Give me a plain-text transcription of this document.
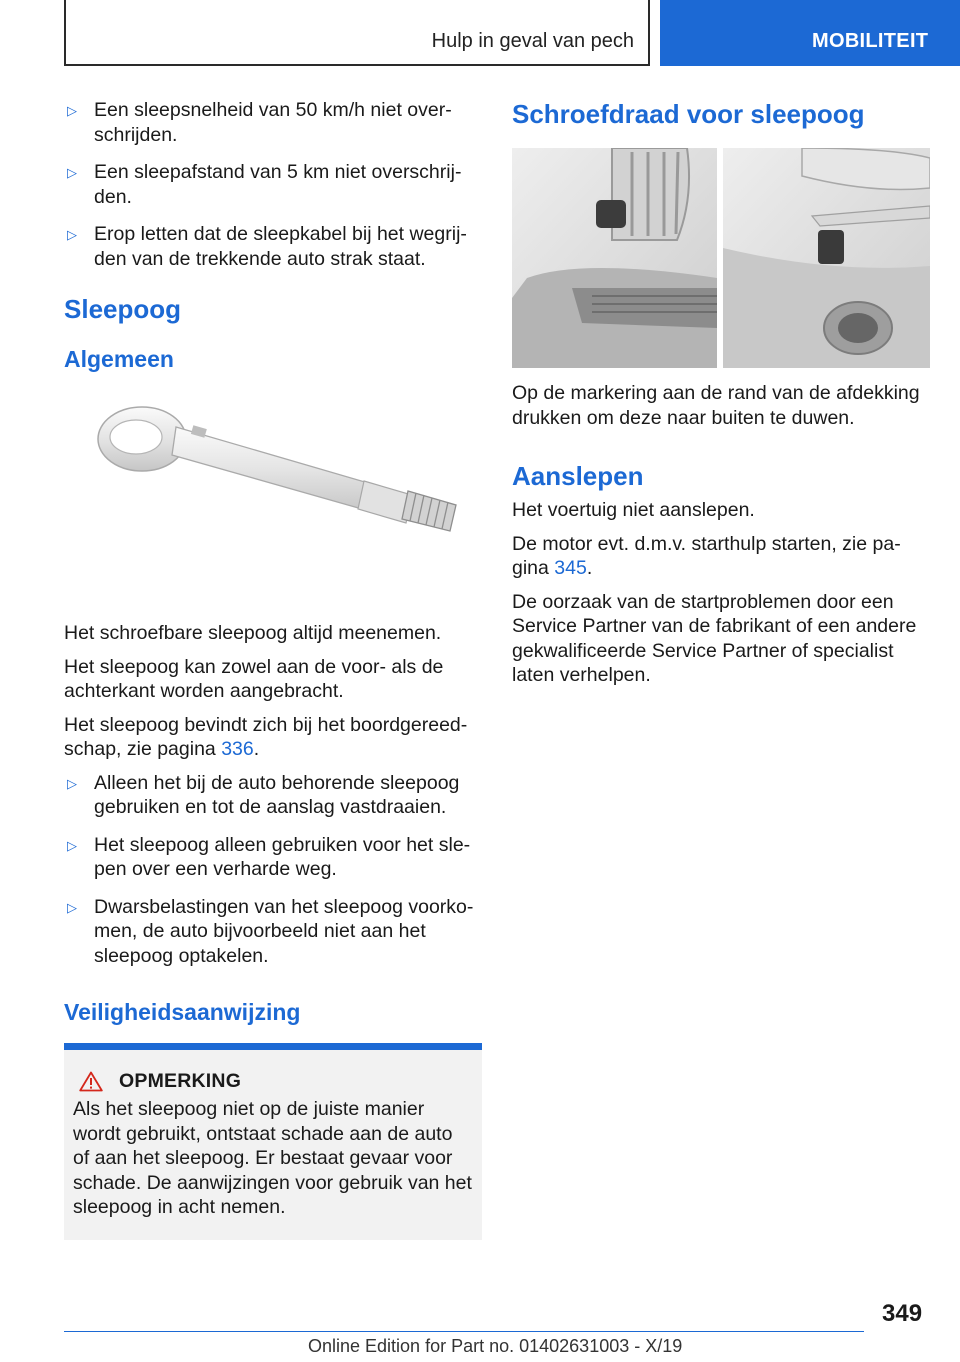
Hulp in geval van pech	MOBILITEIT
▷ Een sleepsnelheid van 50 km/h niet overschrijden.
▷ Een sleepafstand van 5 km niet overschrijden.
▷ Erop letten dat de sleepkabel bij het wegrijden van de trekkende auto strak staat.
Sleepoog
Algemeen

Het schroefbare sleepoog altijd meenemen.

Het sleepoog kan zowel aan de voor- als de achterkant worden aangebracht.

Het sleepoog bevindt zich bij het boordgereedschap, zie pagina 336.

▷ Alleen het bij de auto behorende sleepoog gebruiken en tot de aanslag vastdraaien.
▷ Het sleepoog alleen gebruiken voor het slepen over een verharde weg.
▷ Dwarsbelastingen van het sleepoog voorkomen, de auto bijvoorbeeld niet aan het sleepoog optakelen.
Veiligheidsaanwijzing
OPMERKING

Als het sleepoog niet op de juiste manier wordt gebruikt, ontstaat schade aan de auto of aan het sleepoog. Er bestaat gevaar voor schade. De aanwijzingen voor gebruik van het sleepoog in acht nemen.

Schroefdraad voor sleepoog

Op de markering aan de rand van de afdekking drukken om deze naar buiten te duwen.

Aanslepen

Het voertuig niet aanslepen.

De motor evt. d.m.v. starthulp starten, zie pagina 345.

De oorzaak van de startproblemen door een Service Partner van de fabrikant of een andere gekwalificeerde Service Partner of specialist laten verhelpen.

349
Online Edition for Part no. 01402631003 - X/19
